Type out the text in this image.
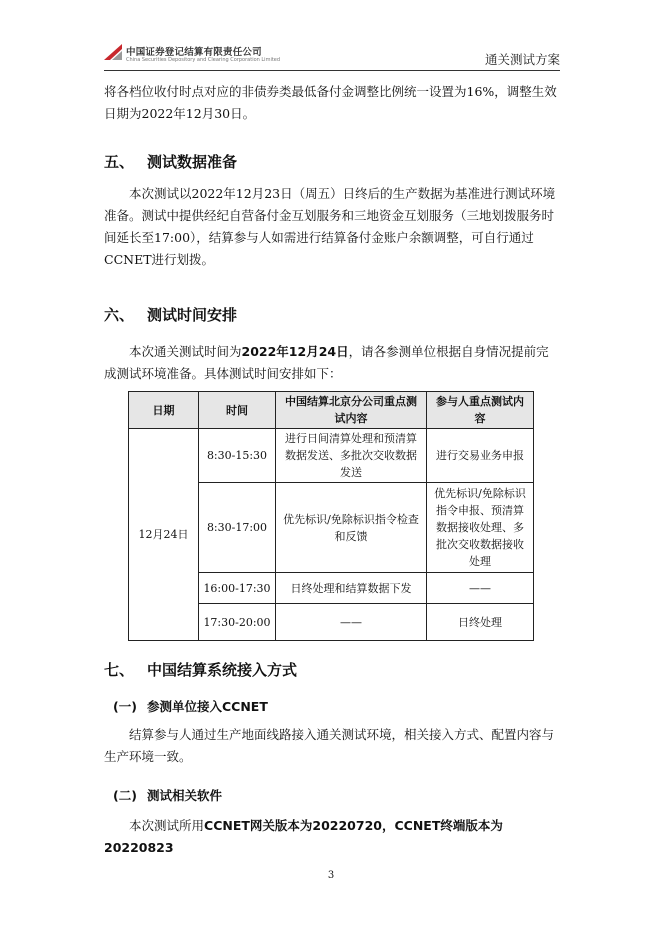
中国证券登记结算有限责任公司
China Securities Depository and Clearing Corporation Limited	通关测试方案

将各档位收付时点对应的非债券类最低备付金调整比例统一设置为16%，调整生效日期为2022年12月30日。

五、 测试数据准备

本次测试以2022年12月23日（周五）日终后的生产数据为基准进行测试环境准备。测试中提供经纪自营备付金互划服务和三地资金互划服务（三地划拨服务时间延长至17:00），结算参与人如需进行结算备付金账户余额调整，可自行通过CCNET进行划拨。

六、 测试时间安排

本次通关测试时间为2022年12月24日，请各参测单位根据自身情况提前完成测试环境准备。具体测试时间安排如下：

日期	时间	中国结算北京分公司重点测试内容	参与人重点测试内容
12月24日	8:30-15:30	进行日间清算处理和预清算数据发送、多批次交收数据发送	进行交易业务申报
	8:30-17:00	优先标识/免除标识指令检查和反馈	优先标识/免除标识指令申报、预清算数据接收处理、多批次交收数据接收处理
	16:00-17:30	日终处理和结算数据下发	——
	17:30-20:00	——	日终处理
七、 中国结算系统接入方式
(一) 参测单位接入CCNET

结算参与人通过生产地面线路接入通关测试环境，相关接入方式、配置内容与生产环境一致。

(二) 测试相关软件

本次测试所用CCNET网关版本为20220720，CCNET终端版本为20220823

3
